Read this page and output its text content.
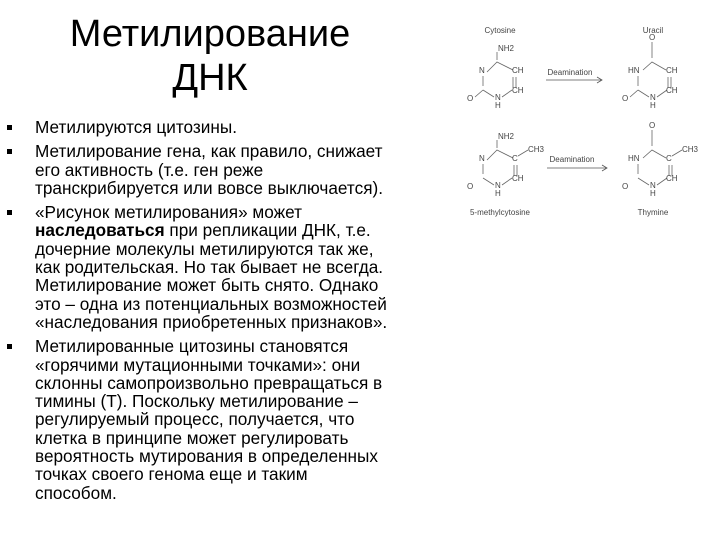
Метилирование
ДНК
Метилируются цитозины.
Метилирование гена, как правило, снижает
его активность (т.е. ген реже
транскрибируется или вовсе выключается).
«Рисунок метилирования» может
наследоваться при репликации ДНК, т.е.
дочерние молекулы метилируются так же,
как родительская. Но так бывает не всегда.
Метилирование может быть снято. Однако
это – одна из потенциальных возможностей
«наследования приобретенных признаков».
Метилированные цитозины становятся
«горячими мутационными точками»: они
склонны самопроизвольно превращаться в
тимины (Т). Поскольку метилирование –
регулируемый процесс, получается, что
клетка в принципе может регулировать
вероятность мутирования в определенных
точках своего генома еще и таким
способом.
Cytosine	Uracil
5-methylcytosine	Thymine
Deamination
Deamination
NH2
N	CH
CH
N
H
O
O
HN	CH
CH
N
H
O
NH2
N	C
CH3
CH
N
H
O
O
HN	C
CH3
CH
N
H
O
